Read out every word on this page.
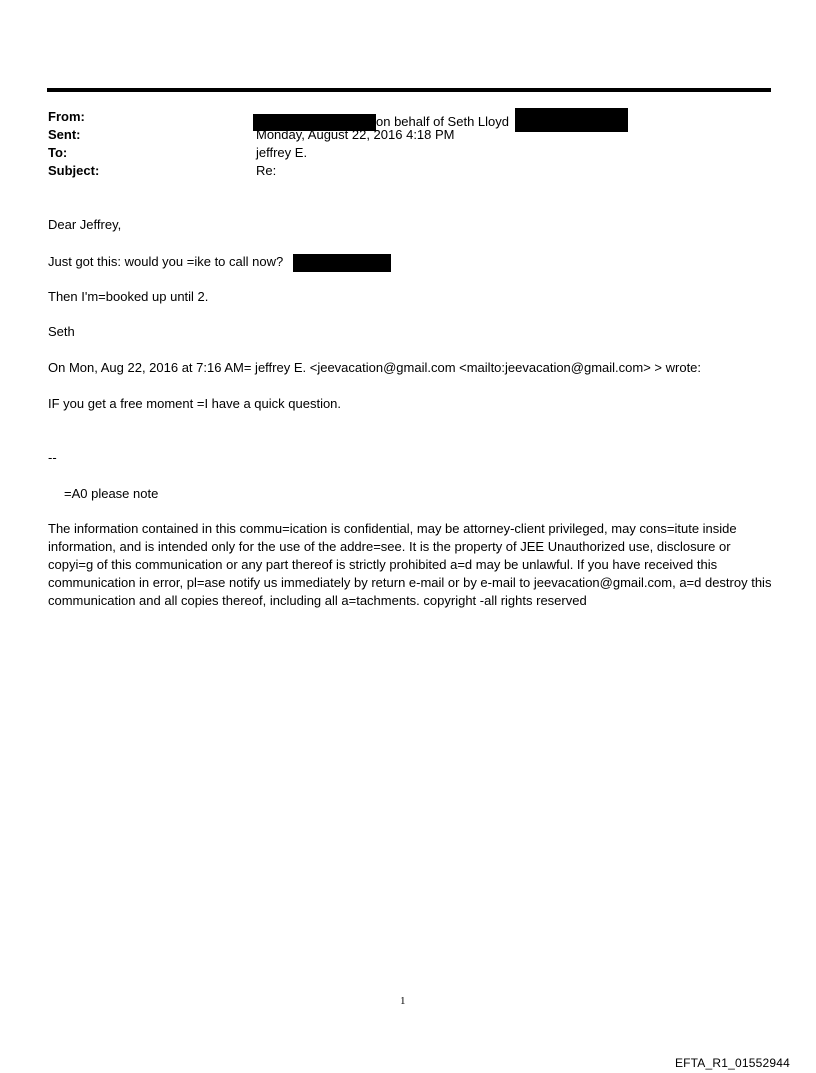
From:	on behalf of Seth Lloyd
Sent:	Monday, August 22, 2016 4:18 PM
To:	jeffrey E.
Subject:	Re:
Dear Jeffrey,
Just got this: would you =ike to call now?
Then I'm=booked up until 2.
Seth
On Mon, Aug 22, 2016 at 7:16 AM= jeffrey E. <jeevacation@gmail.com <mailto:jeevacation@gmail.com> > wrote:
IF you get a free moment =I have a quick question.
--
=A0 please note
The information contained in this commu=ication is confidential, may be attorney-client privileged, may cons=itute inside information, and is intended only for the use of the addre=see. It is the property of JEE Unauthorized use, disclosure or copyi=g of this communication or any part thereof is strictly prohibited a=d may be unlawful. If you have received this communication in error, pl=ase notify us immediately by return e-mail or by e-mail to jeevacation@gmail.com, a=d destroy this communication and all copies thereof, including all a=tachments. copyright -all rights reserved
1
EFTA_R1_01552944
